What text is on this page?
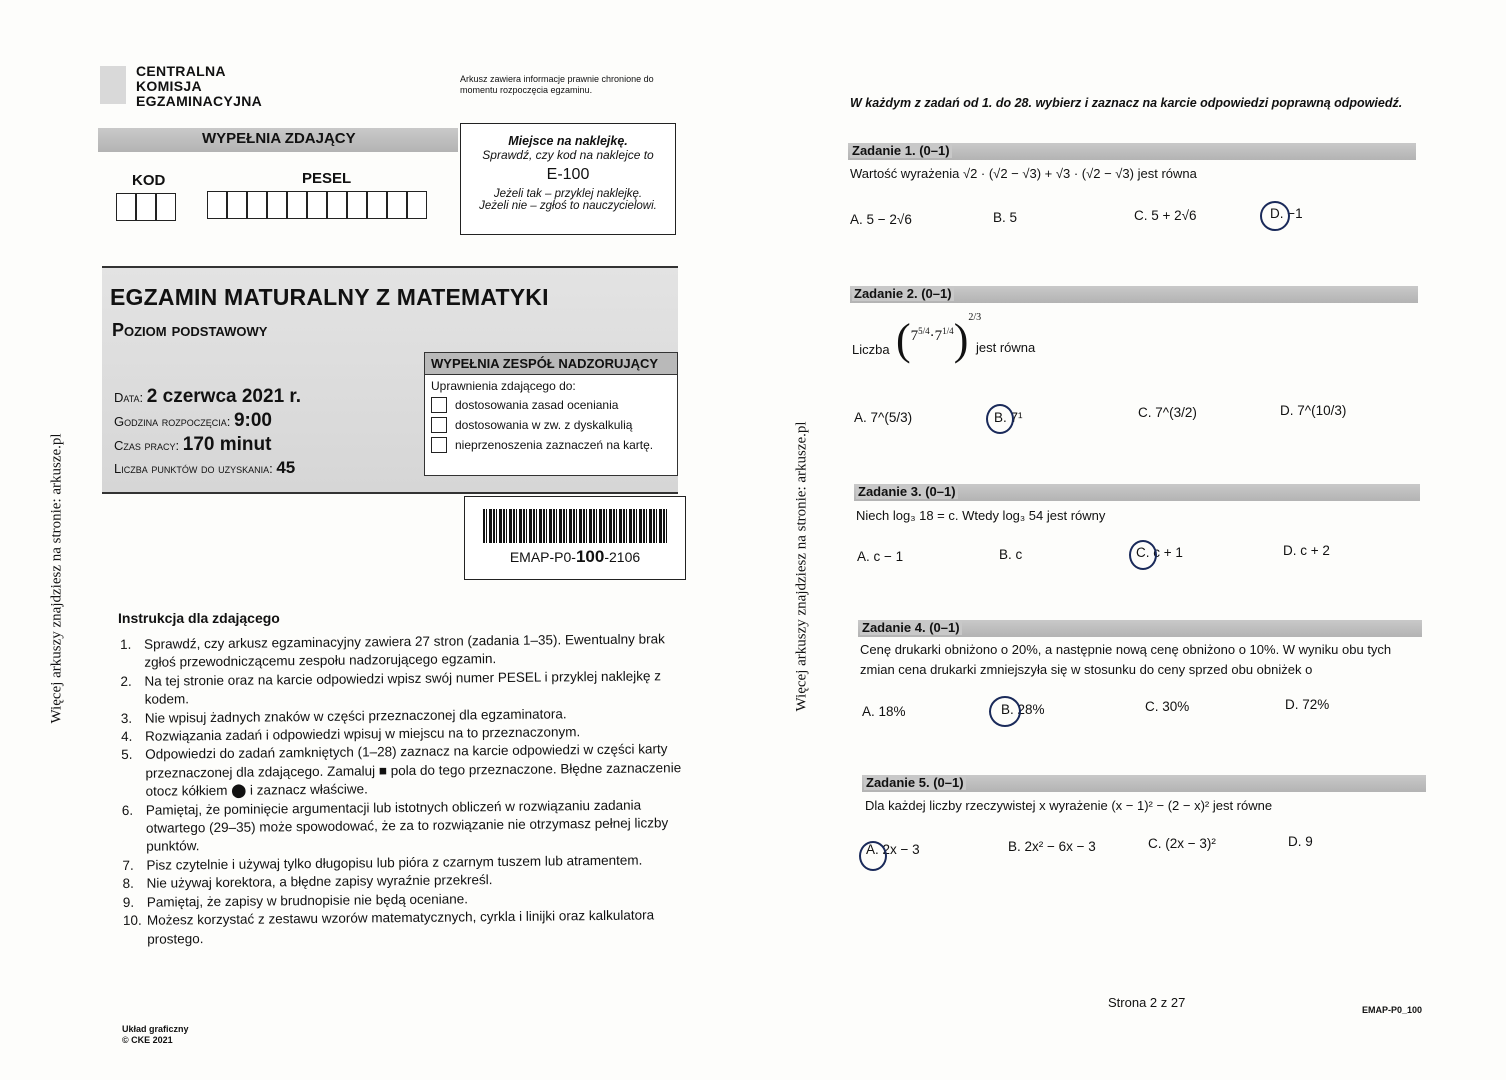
CENTRALNA
KOMISJA
EGZAMINACYJNA
Arkusz zawiera informacje prawnie chronione do momentu rozpoczęcia egzaminu.
WYPEŁNIA ZDAJĄCY
KOD	PESEL
Miejsce na naklejkę.
Sprawdź, czy kod na naklejce to
E-100
Jeżeli tak – przyklej naklejkę.
Jeżeli nie – zgłoś to nauczycielowi.
EGZAMIN MATURALNY Z MATEMATYKI
Poziom podstawowy
Data: 2 czerwca 2021 r.
Godzina rozpoczęcia: 9:00
Czas pracy: 170 minut
Liczba punktów do uzyskania: 45
WYPEŁNIA ZESPÓŁ NADZORUJĄCY
Uprawnienia zdającego do:
dostosowania zasad oceniania
dostosowania w zw. z dyskalkulią
nieprzenoszenia zaznaczeń na kartę.
EMAP-P0-100-2106
Instrukcja dla zdającego
1. Sprawdź, czy arkusz egzaminacyjny zawiera 27 stron (zadania 1–35). Ewentualny brak zgłoś przewodniczącemu zespołu nadzorującego egzamin.
2. Na tej stronie oraz na karcie odpowiedzi wpisz swój numer PESEL i przyklej naklejkę z kodem.
3. Nie wpisuj żadnych znaków w części przeznaczonej dla egzaminatora.
4. Rozwiązania zadań i odpowiedzi wpisuj w miejscu na to przeznaczonym.
5. Odpowiedzi do zadań zamkniętych (1–28) zaznacz na karcie odpowiedzi w części karty przeznaczonej dla zdającego. Zamaluj ■ pola do tego przeznaczone. Błędne zaznaczenie otocz kółkiem ⬤ i zaznacz właściwe.
6. Pamiętaj, że pominięcie argumentacji lub istotnych obliczeń w rozwiązaniu zadania otwartego (29–35) może spowodować, że za to rozwiązanie nie otrzymasz pełnej liczby punktów.
7. Pisz czytelnie i używaj tylko długopisu lub pióra z czarnym tuszem lub atramentem.
8. Nie używaj korektora, a błędne zapisy wyraźnie przekreśl.
9. Pamiętaj, że zapisy w brudnopisie nie będą oceniane.
10. Możesz korzystać z zestawu wzorów matematycznych, cyrkla i linijki oraz kalkulatora prostego.
Układ graficzny
© CKE 2021
Więcej arkuszy znajdziesz na stronie: arkusze.pl	Więcej arkuszy znajdziesz na stronie: arkusze.pl
W każdym z zadań od 1. do 28. wybierz i zaznacz na karcie odpowiedzi poprawną odpowiedź.
Zadanie 1. (0–1)
Wartość wyrażenia √2 · (√2 − √3) + √3 · (√2 − √3) jest równa
A. 5 − 2√6	B. 5	C. 5 + 2√6	D. −1
Zadanie 2. (0–1)
Liczba $(7^{5/4}\cdot 7^{1/4})^{2/3}$
jest równa
A. 7^(5/3)	B. 7¹	C. 7^(3/2)	D. 7^(10/3)
Zadanie 3. (0–1)
Niech log₃ 18 = c. Wtedy log₃ 54 jest równy
A. c − 1	B. c	C. c + 1	D. c + 2
Zadanie 4. (0–1)
Cenę drukarki obniżono o 20%, a następnie nową cenę obniżono o 10%. W wyniku obu tych zmian cena drukarki zmniejszyła się w stosunku do ceny sprzed obu obniżek o
A. 18%	B. 28%	C. 30%	D. 72%
Zadanie 5. (0–1)
Dla każdej liczby rzeczywistej x wyrażenie (x − 1)² − (2 − x)² jest równe
A. 2x − 3	B. 2x² − 6x − 3	C. (2x − 3)²	D. 9
Strona 2 z 27	EMAP-P0_100
